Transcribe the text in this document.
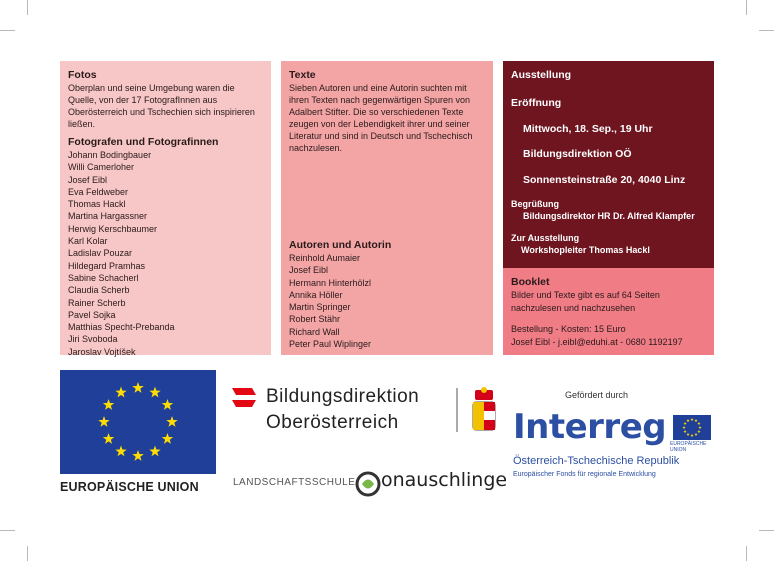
Fotos

Oberplan und seine Umgebung waren die Quelle, von der 17 FotografInnen aus Oberösterreich und Tschechien sich inspirieren ließen.

Fotografen und Fotografinnen

Johann Bodingbauer

Willi Camerloher

Josef Eibl

Eva Feldweber

Thomas Hackl

Martina Hargassner

Herwig Kerschbaumer

Karl Kolar

Ladislav Pouzar

Hildegard Pramhas

Sabine Schacherl

Claudia Scherb

Rainer Scherb

Pavel Sojka

Matthias Specht-Prebanda

Jiri Svoboda

Jaroslav Vojtíšek

Texte

Sieben Autoren und eine Autorin suchten mit ihren Texten nach gegenwärtigen Spuren von Adalbert Stifter. Die so verschiedenen Texte zeugen von der Lebendigkeit ihrer und seiner Literatur und sind in Deutsch und Tschechisch nachzulesen.

Autoren und Autorin

Reinhold Aumaier

Josef Eibl

Hermann Hinterhölzl

Annika Höller

Martin Springer

Robert Stähr

Richard Wall

Peter Paul Wiplinger

Ausstellung

Eröffnung

Mittwoch, 18. Sep., 19 Uhr

Bildungsdirektion OÖ

Sonnensteinstraße 20, 4040 Linz

Begrüßung

Bildungsdirektor HR Dr. Alfred Klampfer

Zur Ausstellung

Workshopleiter Thomas Hackl

Booklet

Bilder und Texte gibt es auf 64 Seiten nachzulesen und nachzusehen

Bestellung - Kosten: 15 Euro

Josef Eibl - j.eibl@eduhi.at - 0680 1192197

EUROPÄISCHE UNION
Bildungsdirektion
Oberösterreich
LANDSCHAFTSSCHULE onauschlinge
Gefördert durch
Interreg EUROPÄISCHE UNION
Österreich-Tschechische Republik
Europäischer Fonds für regionale Entwicklung
